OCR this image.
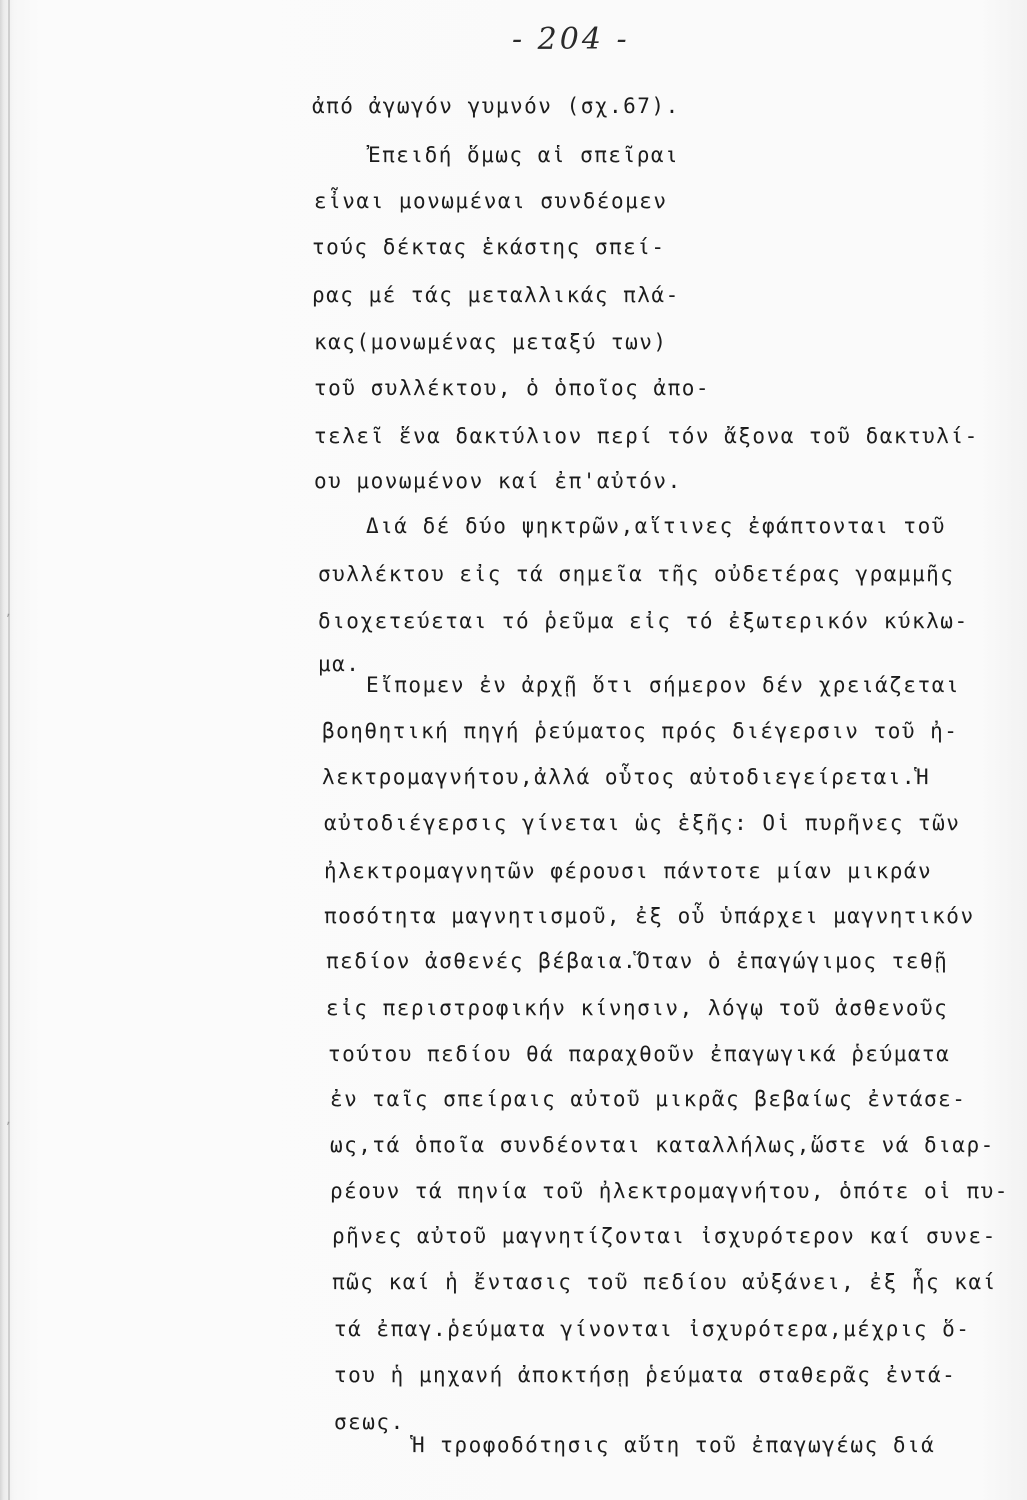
ʼ
ʼ
- 204 -
ἀπό ἀγωγόν γυμνόν (σχ.67).
Ἐπειδή ὅμως αἱ σπεῖραι
εἶναι μονωμέναι συνδέομεν
τούς δέκτας ἑκάστης σπεί-
ρας μέ τάς μεταλλικάς πλά-
κας(μονωμένας μεταξύ των)
τοῦ συλλέκτου, ὁ ὁποῖος ἀπο-
τελεῖ ἕνα δακτύλιον περί τόν ἄξονα τοῦ δακτυλί-
ου μονωμένον καί ἐπ'αὐτόν.
Διά δέ δύο ψηκτρῶν,αἵτινες ἐφάπτονται τοῦ
συλλέκτου εἰς τά σημεῖα τῆς οὐδετέρας γραμμῆς
διοχετεύεται τό ῥεῦμα εἰς τό ἐξωτερικόν κύκλω-
μα.
Εἴπομεν ἐν ἀρχῇ ὅτι σήμερον δέν χρειάζεται
βοηθητική πηγή ῥεύματος πρός διέγερσιν τοῦ ἠ-
λεκτρομαγνήτου,ἀλλά οὗτος αὐτοδιεγείρεται.Ἡ
αὐτοδιέγερσις γίνεται ὡς ἑξῆς: Οἱ πυρῆνες τῶν
ἠλεκτρομαγνητῶν φέρουσι πάντοτε μίαν μικράν
ποσότητα μαγνητισμοῦ, ἐξ οὗ ὑπάρχει μαγνητικόν
πεδίον ἀσθενές βέβαια.Ὅταν ὁ ἐπαγώγιμος τεθῇ
εἰς περιστροφικήν κίνησιν, λόγῳ τοῦ ἀσθενοῦς
τούτου πεδίου θά παραχθοῦν ἐπαγωγικά ῥεύματα
ἐν ταῖς σπείραις αὐτοῦ μικρᾶς βεβαίως ἐντάσε-
ως,τά ὁποῖα συνδέονται καταλλήλως,ὥστε νά διαρ-
ρέουν τά πηνία τοῦ ἠλεκτρομαγνήτου, ὁπότε οἱ πυ-
ρῆνες αὐτοῦ μαγνητίζονται ἰσχυρότερον καί συνε-
πῶς καί ἡ ἔντασις τοῦ πεδίου αὐξάνει, ἐξ ἧς καί
τά ἐπαγ.ῥεύματα γίνονται ἰσχυρότερα,μέχρις ὅ-
του ἡ μηχανή ἀποκτήσῃ ῥεύματα σταθερᾶς ἐντά-
σεως.
Ἡ τροφοδότησις αὕτη τοῦ ἐπαγωγέως διά
